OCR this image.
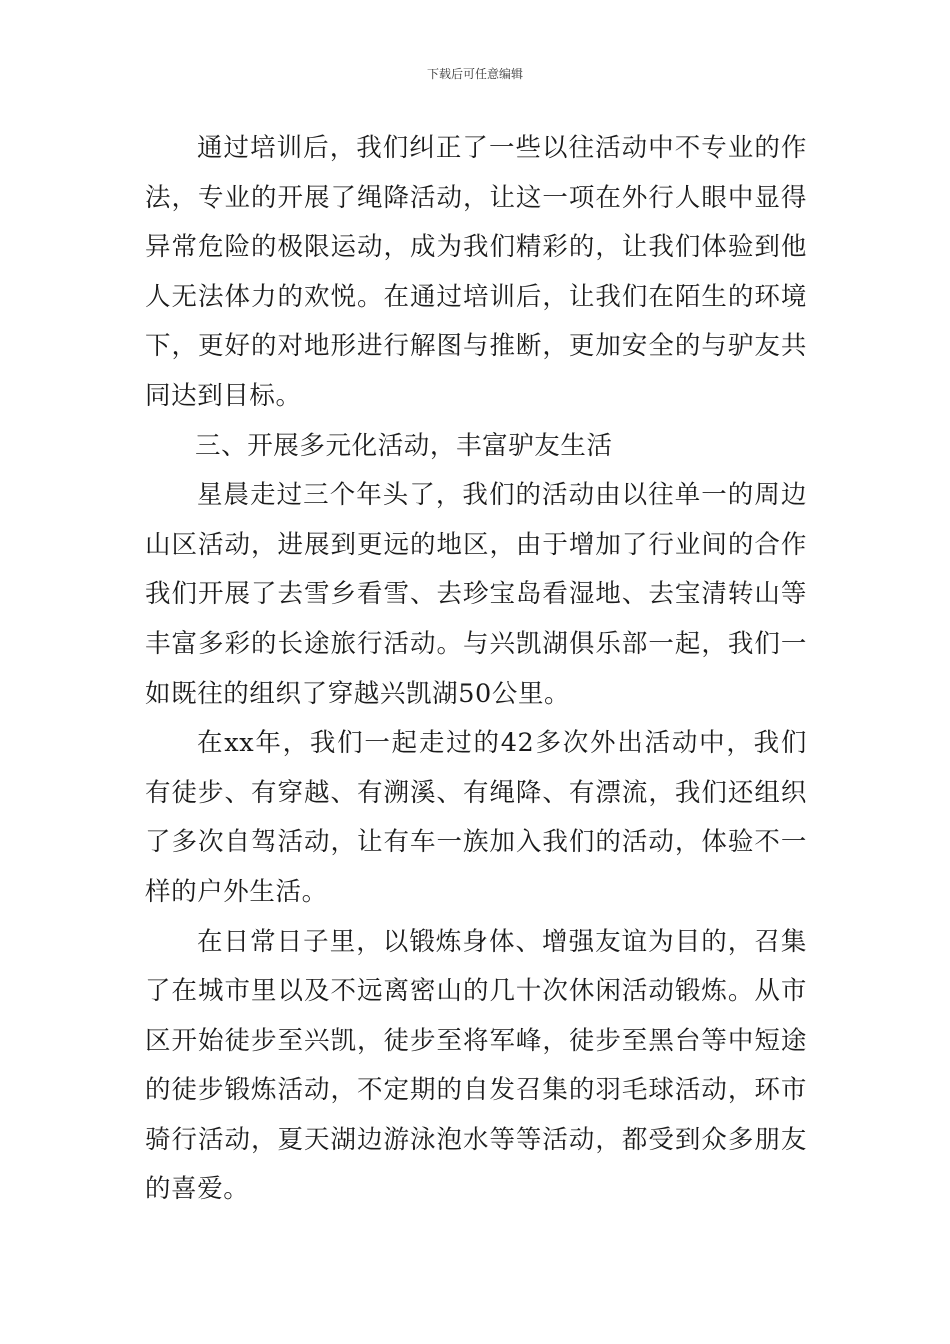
下载后可任意编辑

通过培训后，我们纠正了一些以往活动中不专业的作法，专业的开展了绳降活动，让这一项在外行人眼中显得异常危险的极限运动，成为我们精彩的，让我们体验到他人无法体力的欢悦。在通过培训后，让我们在陌生的环境下，更好的对地形进行解图与推断，更加安全的与驴友共同达到目标。

三、开展多元化活动，丰富驴友生活

星晨走过三个年头了，我们的活动由以往单一的周边山区活动，进展到更远的地区，由于增加了行业间的合作我们开展了去雪乡看雪、去珍宝岛看湿地、去宝清转山等丰富多彩的长途旅行活动。与兴凯湖俱乐部一起，我们一如既往的组织了穿越兴凯湖50公里。

在xx年，我们一起走过的42多次外出活动中，我们有徒步、有穿越、有溯溪、有绳降、有漂流，我们还组织了多次自驾活动，让有车一族加入我们的活动，体验不一样的户外生活。

在日常日子里，以锻炼身体、增强友谊为目的，召集了在城市里以及不远离密山的几十次休闲活动锻炼。从市区开始徒步至兴凯，徒步至将军峰，徒步至黑台等中短途的徒步锻炼活动，不定期的自发召集的羽毛球活动，环市骑行活动，夏天湖边游泳泡水等等活动，都受到众多朋友的喜爱。
